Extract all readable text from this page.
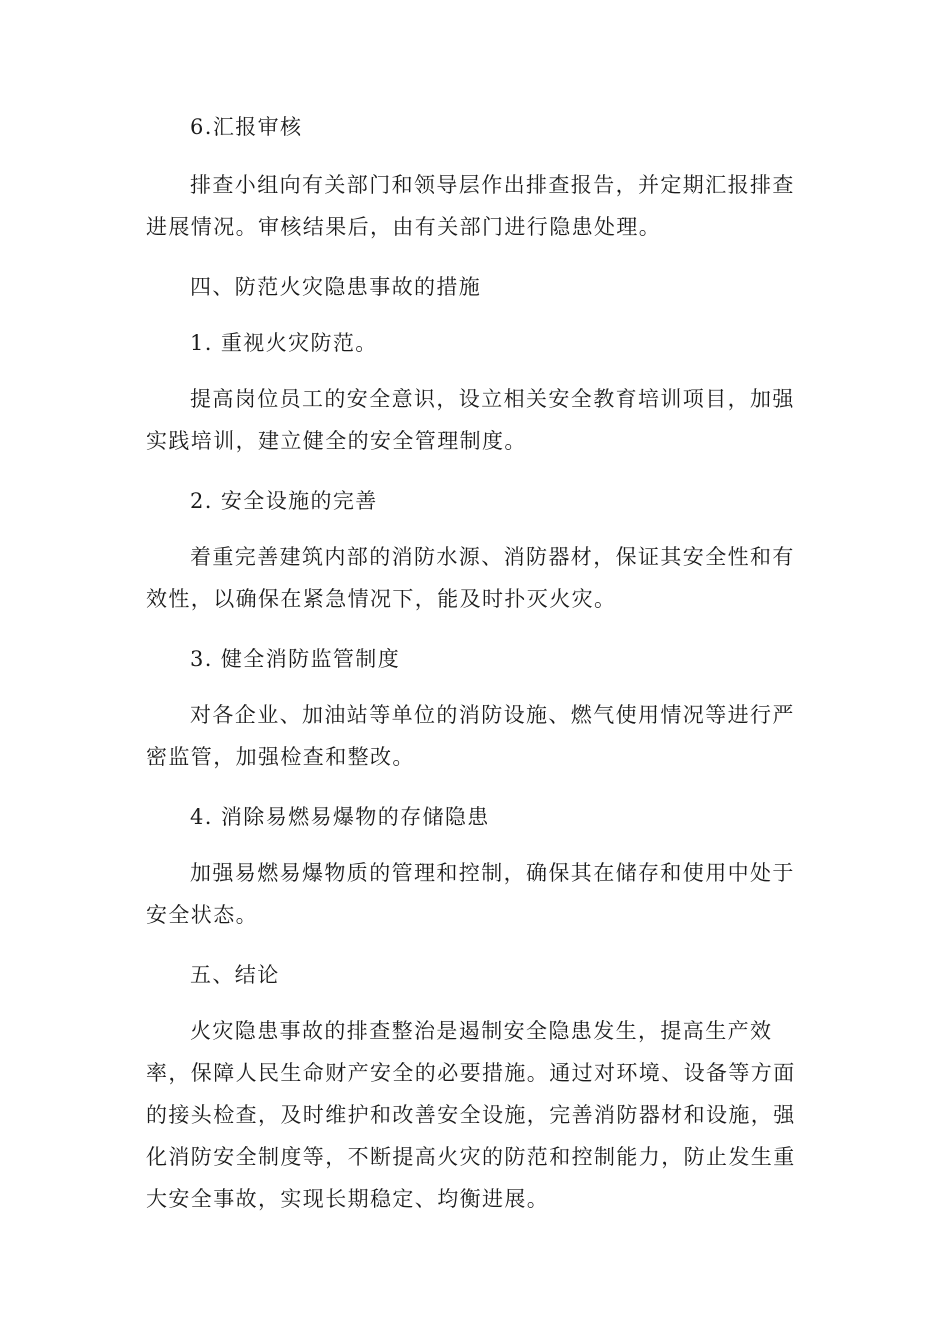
6.汇报审核
排查小组向有关部门和领导层作出排查报告，并定期汇报排查进展情况。审核结果后，由有关部门进行隐患处理。
四、防范火灾隐患事故的措施
1. 重视火灾防范。
提高岗位员工的安全意识，设立相关安全教育培训项目，加强实践培训，建立健全的安全管理制度。
2. 安全设施的完善
着重完善建筑内部的消防水源、消防器材，保证其安全性和有效性，以确保在紧急情况下，能及时扑灭火灾。
3. 健全消防监管制度
对各企业、加油站等单位的消防设施、燃气使用情况等进行严密监管，加强检查和整改。
4. 消除易燃易爆物的存储隐患
加强易燃易爆物质的管理和控制，确保其在储存和使用中处于安全状态。
五、结论
火灾隐患事故的排查整治是遏制安全隐患发生，提高生产效率，保障人民生命财产安全的必要措施。通过对环境、设备等方面的接头检查，及时维护和改善安全设施，完善消防器材和设施，强化消防安全制度等，不断提高火灾的防范和控制能力，防止发生重大安全事故，实现长期稳定、均衡进展。
